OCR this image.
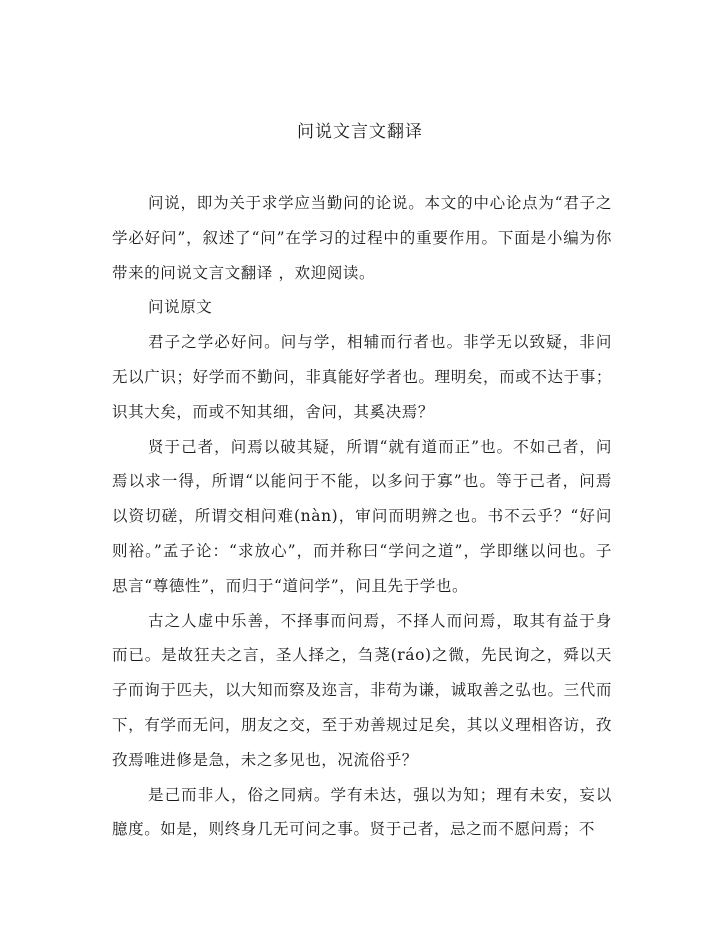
问说文言文翻译

问说，即为关于求学应当勤问的论说。本文的中心论点为“君子之学必好问”，叙述了“问”在学习的过程中的重要作用。下面是小编为你带来的问说文言文翻译 ，欢迎阅读。

问说原文

君子之学必好问。问与学，相辅而行者也。非学无以致疑，非问无以广识；好学而不勤问，非真能好学者也。理明矣，而或不达于事；识其大矣，而或不知其细，舍问，其奚决焉？

贤于己者，问焉以破其疑，所谓“就有道而正”也。不如己者，问焉以求一得，所谓“以能问于不能，以多问于寡”也。等于己者，问焉以资切磋，所谓交相问难(nàn)，审问而明辨之也。书不云乎？“好问则裕。”孟子论：“求放心”，而并称曰“学问之道”，学即继以问也。子思言“尊德性”，而归于“道问学”，问且先于学也。

古之人虚中乐善，不择事而问焉，不择人而问焉，取其有益于身而已。是故狂夫之言，圣人择之，刍荛(ráo)之微，先民询之，舜以天子而询于匹夫，以大知而察及迩言，非苟为谦，诚取善之弘也。三代而下，有学而无问，朋友之交，至于劝善规过足矣，其以义理相咨访，孜孜焉唯进修是急，未之多见也，况流俗乎？

是己而非人，俗之同病。学有未达，强以为知；理有未安，妄以臆度。如是，则终身几无可问之事。贤于己者，忌之而不愿问焉；不
